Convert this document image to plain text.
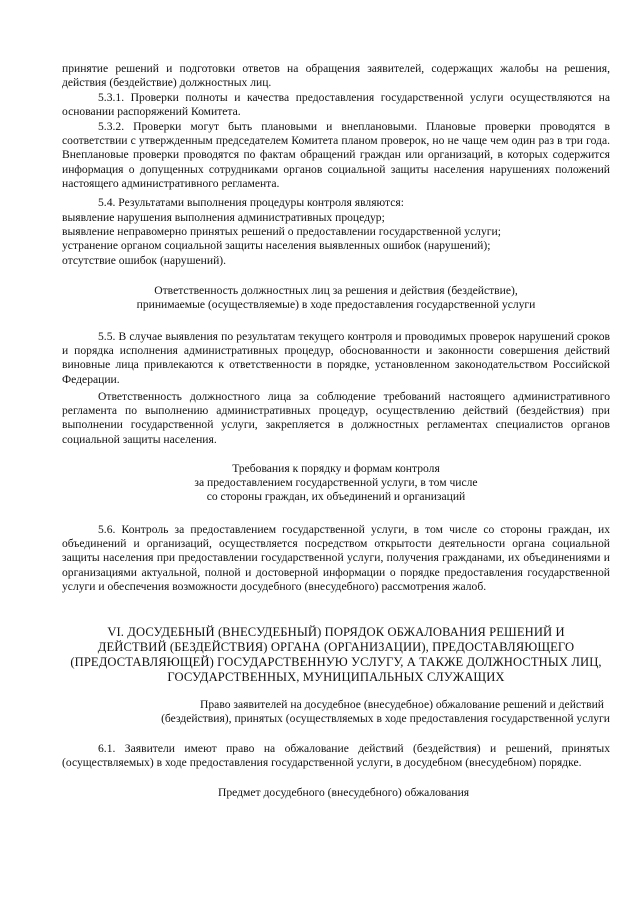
принятие решений и подготовки ответов на обращения заявителей, содержащих жалобы на решения, действия (бездействие) должностных лиц.

5.3.1. Проверки полноты и качества предоставления государственной услуги осуществляются на основании распоряжений Комитета.

5.3.2. Проверки могут быть плановыми и внеплановыми. Плановые проверки проводятся в соответствии с утвержденным председателем Комитета планом проверок, но не чаще чем один раз в три года. Внеплановые проверки проводятся по фактам обращений граждан или организаций, в которых содержится информация о допущенных сотрудниками органов социальной защиты населения нарушениях положений настоящего административного регламента.

5.4. Результатами выполнения процедуры контроля являются:

выявление нарушения выполнения административных процедур;
выявление неправомерно принятых решений о предоставлении государственной услуги;
устранение органом социальной защиты населения выявленных ошибок (нарушений);
отсутствие ошибок (нарушений).
Ответственность должностных лиц за решения и действия (бездействие),
принимаемые (осуществляемые) в ходе предоставления государственной услуги

5.5. В случае выявления по результатам текущего контроля и проводимых проверок нарушений сроков и порядка исполнения административных процедур, обоснованности и законности совершения действий виновные лица привлекаются к ответственности в порядке, установленном законодательством Российской Федерации.

Ответственность должностного лица за соблюдение требований настоящего административного регламента по выполнению административных процедур, осуществлению действий (бездействия) при выполнении государственной услуги, закрепляется в должностных регламентах специалистов органов социальной защиты населения.

Требования к порядку и формам контроля
за предоставлением государственной услуги, в том числе
со стороны граждан, их объединений и организаций

5.6. Контроль за предоставлением государственной услуги, в том числе со стороны граждан, их объединений и организаций, осуществляется посредством открытости деятельности органа социальной защиты населения при предоставлении государственной услуги, получения гражданами, их объединениями и организациями актуальной, полной и достоверной информации о порядке предоставления государственной услуги и обеспечения возможности досудебного (внесудебного) рассмотрения жалоб.

VI. ДОСУДЕБНЫЙ (ВНЕСУДЕБНЫЙ) ПОРЯДОК ОБЖАЛОВАНИЯ РЕШЕНИЙ И
ДЕЙСТВИЙ (БЕЗДЕЙСТВИЯ) ОРГАНА (ОРГАНИЗАЦИИ), ПРЕДОСТАВЛЯЮЩЕГО
(ПРЕДОСТАВЛЯЮЩЕЙ) ГОСУДАРСТВЕННУЮ УСЛУГУ, А ТАКЖЕ ДОЛЖНОСТНЫХ ЛИЦ,
ГОСУДАРСТВЕННЫХ, МУНИЦИПАЛЬНЫХ СЛУЖАЩИХ
Право заявителей на досудебное (внесудебное) обжалование решений и действий
(бездействия), принятых (осуществляемых в ходе предоставления государственной услуги

6.1. Заявители имеют право на обжалование действий (бездействия) и решений, принятых (осуществляемых) в ходе предоставления государственной услуги, в досудебном (внесудебном) порядке.

Предмет досудебного (внесудебного) обжалования
